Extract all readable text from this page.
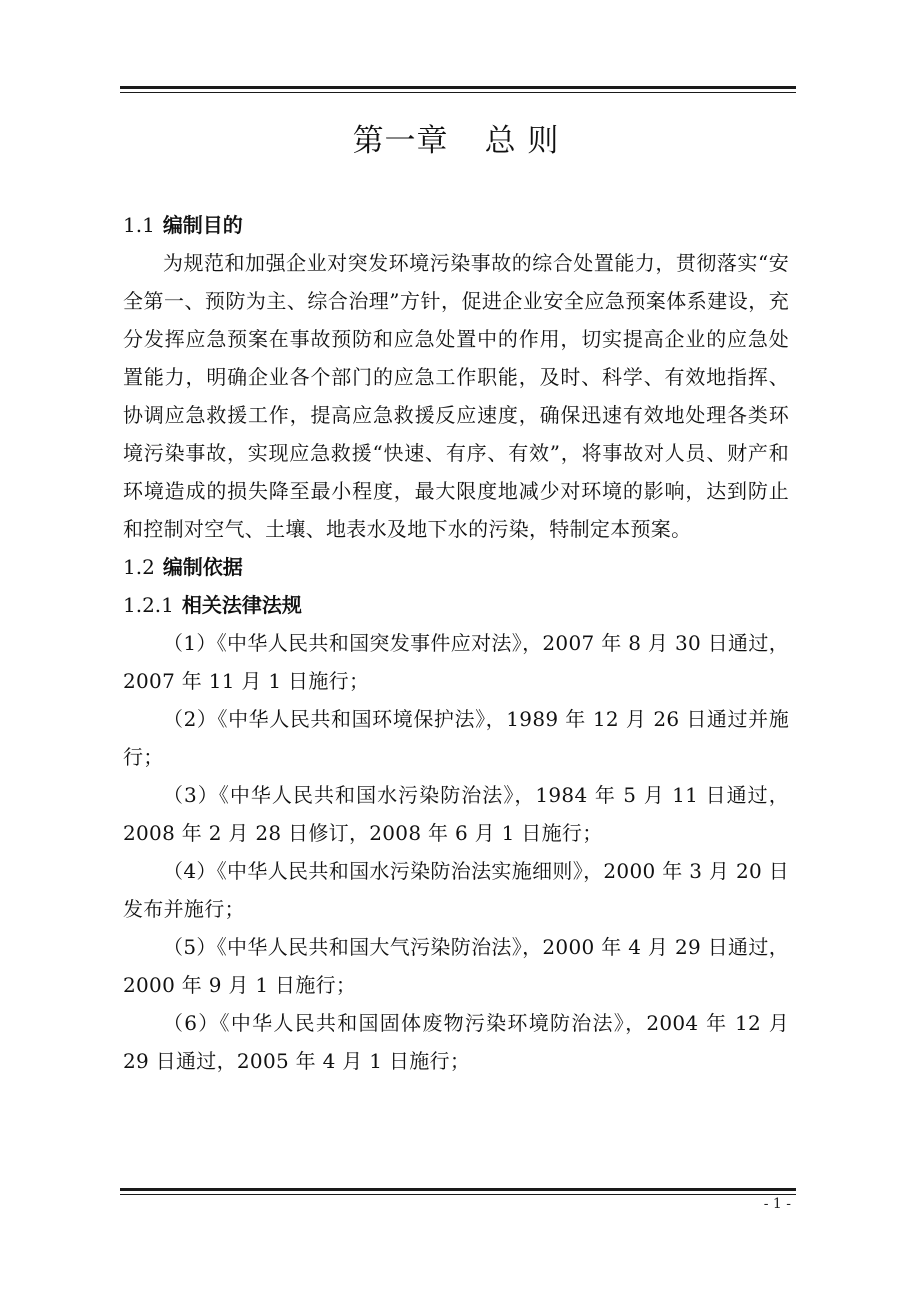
第一章 总 则

1.1 编制目的

为规范和加强企业对突发环境污染事故的综合处置能力，贯彻落实“安全第一、预防为主、综合治理”方针，促进企业安全应急预案体系建设，充分发挥应急预案在事故预防和应急处置中的作用，切实提高企业的应急处置能力，明确企业各个部门的应急工作职能，及时、科学、有效地指挥、协调应急救援工作，提高应急救援反应速度，确保迅速有效地处理各类环境污染事故，实现应急救援“快速、有序、有效”，将事故对人员、财产和环境造成的损失降至最小程度，最大限度地减少对环境的影响，达到防止和控制对空气、土壤、地表水及地下水的污染，特制定本预案。

1.2 编制依据

1.2.1 相关法律法规

（1）《中华人民共和国突发事件应对法》，2007 年 8 月 30 日通过，2007 年 11 月 1 日施行；

（2）《中华人民共和国环境保护法》，1989 年 12 月 26 日通过并施行；

（3）《中华人民共和国水污染防治法》，1984 年 5 月 11 日通过，2008 年 2 月 28 日修订，2008 年 6 月 1 日施行；

（4）《中华人民共和国水污染防治法实施细则》，2000 年 3 月 20 日发布并施行；

（5）《中华人民共和国大气污染防治法》，2000 年 4 月 29 日通过，2000 年 9 月 1 日施行；

（6）《中华人民共和国固体废物污染环境防治法》，2004 年 12 月 29 日通过，2005 年 4 月 1 日施行；

- 1 -
